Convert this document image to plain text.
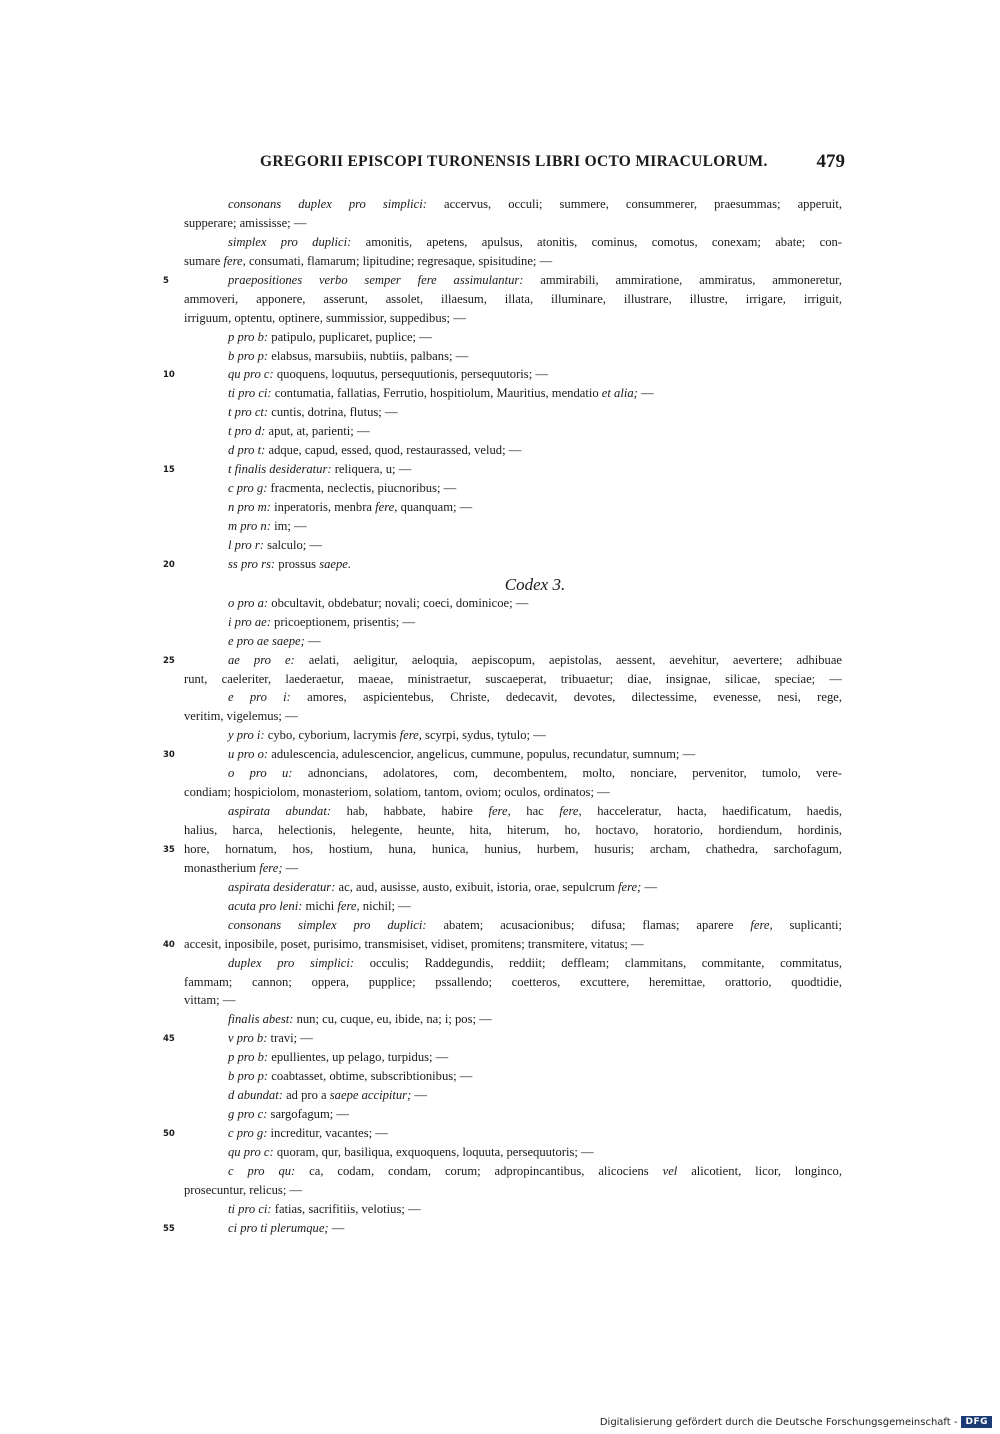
GREGORII EPISCOPI TURONENSIS LIBRI OCTO MIRACULORUM.	479
consonans duplex pro simplici: accervus, occuli; summere, consummerer, praesummas; apperuit,
supperare; amississe; —
simplex pro duplici: amonitis, apetens, apulsus, atonitis, cominus, comotus, conexam; abate; con-
sumare fere, consumati, flamarum; lipitudine; regresaque, spisitudine; —
praepositiones verbo semper fere assimulantur: ammirabili, ammiratione, ammiratus, ammoneretur,
5
ammoveri, apponere, asserunt, assolet, illaesum, illata, illuminare, illustrare, illustre, irrigare, irriguit,
irriguum, optentu, optinere, summissior, suppedibus; —
p pro b: patipulo, puplicaret, puplice; —
b pro p: elabsus, marsubiis, nubtiis, palbans; —
qu pro c: quoquens, loquutus, persequutionis, persequutoris; —
10
ti pro ci: contumatia, fallatias, Ferrutio, hospitiolum, Mauritius, mendatio et alia; —
t pro ct: cuntis, dotrina, flutus; —
t pro d: aput, at, parienti; —
d pro t: adque, capud, essed, quod, restaurassed, velud; —
t finalis desideratur: reliquera, u; —
15
c pro g: fracmenta, neclectis, piucnoribus; —
n pro m: inperatoris, menbra fere, quanquam; —
m pro n: im; —
l pro r: salculo; —
ss pro rs: prossus saepe.
20
Codex 3.
o pro a: obcultavit, obdebatur; novali; coeci, dominicoe; —
i pro ae: pricoeptionem, prisentis; —
e pro ae saepe; —
ae pro e: aelati, aeligitur, aeloquia, aepiscopum, aepistolas, aessent, aevehitur, aevertere; adhibuae
25
runt, caeleriter, laederaetur, maeae, ministraetur, suscaeperat, tribuaetur; diae, insignae, silicae, speciae; —
e pro i: amores, aspicientebus, Christe, dedecavit, devotes, dilectessime, evenesse, nesi, rege,
veritim, vigelemus; —
y pro i: cybo, cyborium, lacrymis fere, scyrpi, sydus, tytulo; —
u pro o: adulescencia, adulescencior, angelicus, cummune, populus, recundatur, sumnum; —
30
o pro u: adnoncians, adolatores, com, decombentem, molto, nonciare, pervenitor, tumolo, vere-
condiam; hospiciolom, monasteriom, solatiom, tantom, oviom; oculos, ordinatos; —
aspirata abundat: hab, habbate, habire fere, hac fere, hacceleratur, hacta, haedificatum, haedis,
halius, harca, helectionis, helegente, heunte, hita, hiterum, ho, hoctavo, horatorio, hordiendum, hordinis,
hore, hornatum, hos, hostium, huna, hunica, hunius, hurbem, husuris; archam, chathedra, sarchofagum,
35
monastherium fere; —
aspirata desideratur: ac, aud, ausisse, austo, exibuit, istoria, orae, sepulcrum fere; —
acuta pro leni: michi fere, nichil; —
consonans simplex pro duplici: abatem; acusacionibus; difusa; flamas; aparere fere, suplicanti;
accesit, inposibile, poset, purisimo, transmisiset, vidiset, promitens; transmitere, vitatus; —
40
duplex pro simplici: occulis; Raddegundis, reddiit; deffleam; clammitans, commitante, commitatus,
fammam; cannon; oppera, pupplice; pssallendo; coetteros, excuttere, heremittae, orattorio, quodtidie,
vittam; —
finalis abest: nun; cu, cuque, eu, ibide, na; i; pos; —
v pro b: travi; —
45
p pro b: epullientes, up pelago, turpidus; —
b pro p: coabtasset, obtime, subscribtionibus; —
d abundat: ad pro a saepe accipitur; —
g pro c: sargofagum; —
c pro g: increditur, vacantes; —
50
qu pro c: quoram, qur, basiliqua, exquoquens, loquuta, persequutoris; —
c pro qu: ca, codam, condam, corum; adpropincantibus, alicociens vel alicotient, licor, longinco,
prosecuntur, relicus; —
ti pro ci: fatias, sacrifitiis, velotius; —
ci pro ti plerumque; —
55
Digitalisierung gefördert durch die Deutsche Forschungsgemeinschaft - DFG
